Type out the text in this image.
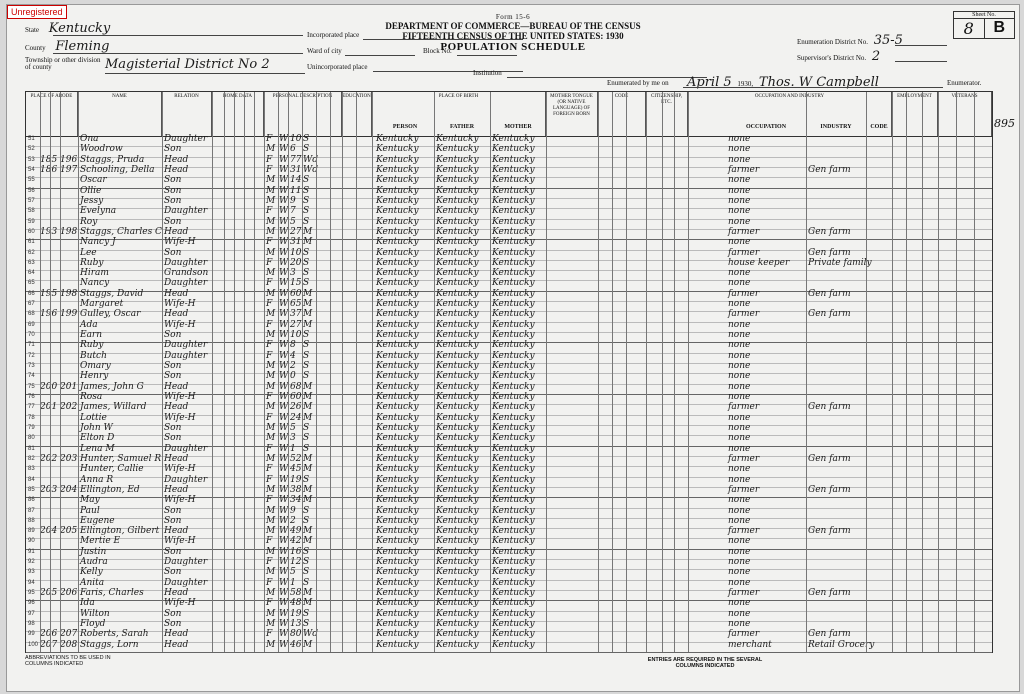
Unregistered	Form 15-6
DEPARTMENT OF COMMERCE—BUREAU OF THE CENSUS
FIFTEENTH CENSUS OF THE UNITED STATES: 1930
POPULATION SCHEDULE
State Kentucky
County Fleming
Township or other division of county	Magisterial District No 2
Incorporated place
Ward of city	Block No.
Unincorporated place
Institution
Enumeration District No. 35-5
Supervisor's District No. 2
Sheet No.
8	B
Enumerated by me on April 5 1930, Thos. W Campbell	Enumerator.
PLACE OF ABODE	NAME	RELATION	HOME DATA	PERSONAL DESCRIPTION	EDUCATION	PLACE OF BIRTH	MOTHER TONGUE (OR NATIVE LANGUAGE) OF FOREIGN BORN
CODE	CITIZENSHIP, ETC.
OCCUPATION AND INDUSTRY	EMPLOYMENT	VETERANS
PERSON	FATHER	MOTHER	OCCUPATION	INDUSTRY	CODE
51	Ona	Daughter	F W 10 S	Kentucky	Kentucky	Kentucky	none
52	Woodrow	Son	M W 6 S	Kentucky	Kentucky	Kentucky	none
53 185 196 Staggs, Pruda	Head	F W 77 Wd	Kentucky	Kentucky	Kentucky	none
54 186 197 Schooling, Della	Head	F W 31 Wd	Kentucky	Kentucky	Kentucky	farmer	Gen farm
55	Oscar	Son	M W 14 S	Kentucky	Kentucky	Kentucky	none
56	Ollie	Son	M W 11 S	Kentucky	Kentucky	Kentucky	none
57	Jessy	Son	M W 9 S	Kentucky	Kentucky	Kentucky	none
58	Evelyna	Daughter	F W 7 S	Kentucky	Kentucky	Kentucky	none
59	Roy	Son	M W 5 S	Kentucky	Kentucky	Kentucky	none
60 193 198 Staggs, Charles C Head	M W 27 M	Kentucky	Kentucky	Kentucky	farmer	Gen farm
61	Nancy J	Wife-H	F W 31 M	Kentucky	Kentucky	Kentucky	none
62	Lee	Son	M W 10 S	Kentucky	Kentucky	Kentucky	farmer	Gen farm
63	Ruby	Daughter	F W 20 S	Kentucky	Kentucky	Kentucky	house keeper	Private family
64	Hiram	Grandson	M W 3 S	Kentucky	Kentucky	Kentucky	none
65	Nancy	Daughter	F W 15 S	Kentucky	Kentucky	Kentucky	none
66 195 198 Staggs, David	Head	M W 60 M	Kentucky	Kentucky	Kentucky	farmer	Gen farm
67	Margaret	Wife-H	F W 65 M	Kentucky	Kentucky	Kentucky	none
68 196 199 Gulley, Oscar	Head	M W 37 M	Kentucky	Kentucky	Kentucky	farmer	Gen farm
69	Ada	Wife-H	F W 27 M	Kentucky	Kentucky	Kentucky	none
70	Earn	Son	M W 10 S	Kentucky	Kentucky	Kentucky	none
71	Ruby	Daughter	F W 8 S	Kentucky	Kentucky	Kentucky	none
72	Butch	Daughter	F W 4 S	Kentucky	Kentucky	Kentucky	none
73	Omary	Son	M W 2 S	Kentucky	Kentucky	Kentucky	none
74	Henry	Son	M W 0 S	Kentucky	Kentucky	Kentucky	none
75 200 201 James, John G	Head	M W 68 M	Kentucky	Kentucky	Kentucky	none
76	Rosa	Wife-H	F W 60 M	Kentucky	Kentucky	Kentucky	none
77 201 202 James, Willard	Head	M W 26 M	Kentucky	Kentucky	Kentucky	farmer	Gen farm
78	Lottie	Wife-H	F W 24 M	Kentucky	Kentucky	Kentucky	none
79	John W	Son	M W 5 S	Kentucky	Kentucky	Kentucky	none
80	Elton D	Son	M W 3 S	Kentucky	Kentucky	Kentucky	none
81	Lena M	Daughter	F W 1 S	Kentucky	Kentucky	Kentucky	none
82 202 203 Hunter, Samuel R Head	M W 52 M	Kentucky	Kentucky	Kentucky	farmer	Gen farm
83	Hunter, Callie	Wife-H	F W 45 M	Kentucky	Kentucky	Kentucky	none
84	Anna R	Daughter	F W 19 S	Kentucky	Kentucky	Kentucky	none
85 203 204 Ellington, Ed	Head	M W 38 M	Kentucky	Kentucky	Kentucky	farmer	Gen farm
86	May	Wife-H	F W 34 M	Kentucky	Kentucky	Kentucky	none
87	Paul	Son	M W 9 S	Kentucky	Kentucky	Kentucky	none
88	Eugene	Son	M W 2 S	Kentucky	Kentucky	Kentucky	none
89 204 205 Ellington, Gilbert Head	M W 49 M	Kentucky	Kentucky	Kentucky	farmer	Gen farm
90	Mertie E	Wife-H	F W 42 M	Kentucky	Kentucky	Kentucky	none
91	Justin	Son	M W 16 S	Kentucky	Kentucky	Kentucky	none
92	Audra	Daughter	F W 12 S	Kentucky	Kentucky	Kentucky	none
93	Kelly	Son	M W 5 S	Kentucky	Kentucky	Kentucky	none
94	Anita	Daughter	F W 1 S	Kentucky	Kentucky	Kentucky	none
95 205 206 Faris, Charles	Head	M W 58 M	Kentucky	Kentucky	Kentucky	farmer	Gen farm
96	Ida	Wife-H	F W 48 M	Kentucky	Kentucky	Kentucky	none
97	Wilton	Son	M W 19 S	Kentucky	Kentucky	Kentucky	none
98	Floyd	Son	M W 13 S	Kentucky	Kentucky	Kentucky	none
99 206 207 Roberts, Sarah	Head	F W 80 Wd	Kentucky	Kentucky	Kentucky	farmer	Gen farm
100 207 208 Staggs, Lorn	Head	M W 46 M	Kentucky	Kentucky	Kentucky	merchant	Retail Grocery
895
ABBREVIATIONS TO BE USED IN COLUMNS INDICATED
ENTRIES ARE REQUIRED IN THE SEVERAL COLUMNS INDICATED
